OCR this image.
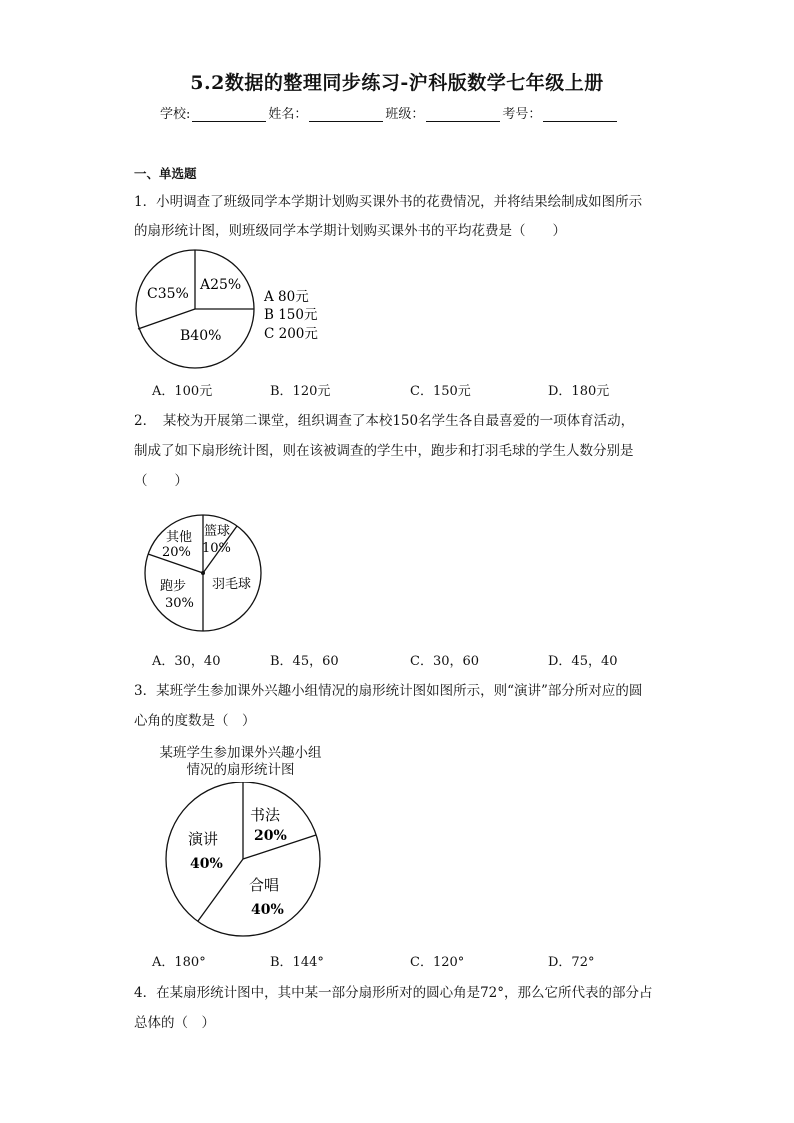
5.2数据的整理同步练习-沪科版数学七年级上册
学校:	姓名：	班级：	考号：
一、单选题
1．小明调查了班级同学本学期计划购买课外书的花费情况，并将结果绘制成如图所示
的扇形统计图，则班级同学本学期计划购买课外书的平均花费是（　　）
A25%
B40%
C35%	A 80元
B 150元
C 200元
A．100元	B．120元	C．150元	D．180元
2．　某校为开展第二课堂，组织调查了本校150名学生各自最喜爱的一项体育活动，
制成了如下扇形统计图，则在该被调查的学生中，跑步和打羽毛球的学生人数分别是
（　　）
篮球
10%
羽毛球
跑步
30%
其他
20%
A．30，40	B．45，60	C．30，60	D．45，40
3．某班学生参加课外兴趣小组情况的扇形统计图如图所示，则“演讲”部分所对应的圆
心角的度数是（　）
某班学生参加课外兴趣小组
情况的扇形统计图
书法
20%
合唱
40%
演讲
40%
A．180°	B．144°	C．120°	D．72°
4．在某扇形统计图中，其中某一部分扇形所对的圆心角是72°，那么它所代表的部分占
总体的（　）
